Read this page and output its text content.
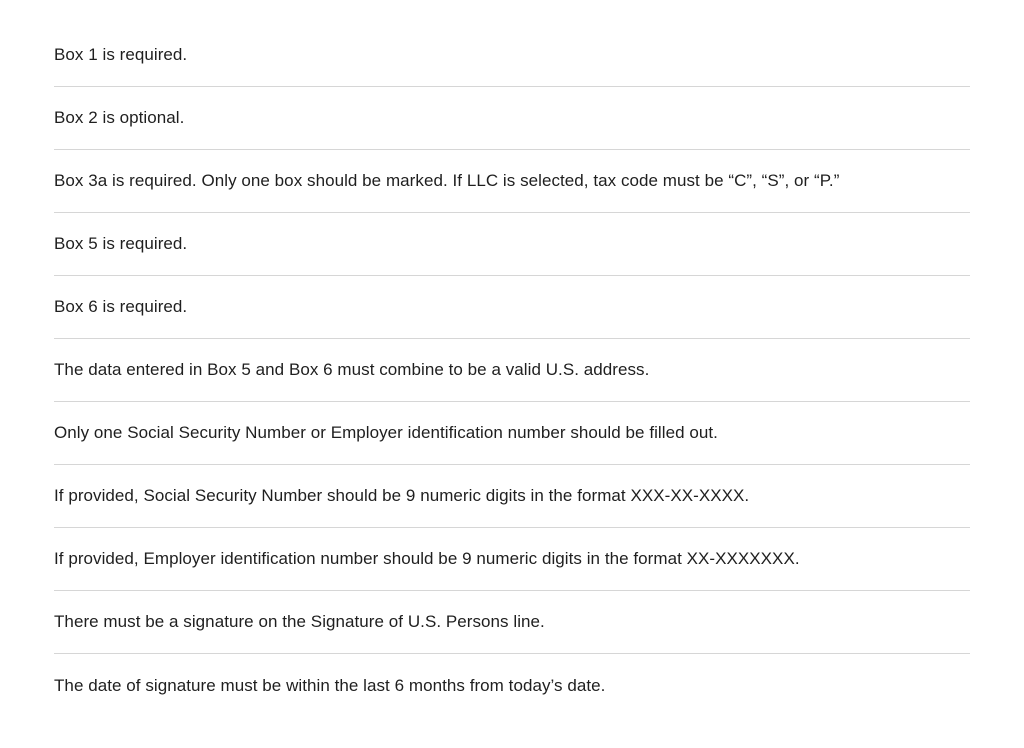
Box 1 is required.
Box 2 is optional.
Box 3a is required. Only one box should be marked. If LLC is selected, tax code must be “C”, “S”, or “P.”
Box 5 is required.
Box 6 is required.
The data entered in Box 5 and Box 6 must combine to be a valid U.S. address.
Only one Social Security Number or Employer identification number should be filled out.
If provided, Social Security Number should be 9 numeric digits in the format XXX-XX-XXXX.
If provided, Employer identification number should be 9 numeric digits in the format XX-XXXXXXX.
There must be a signature on the Signature of U.S. Persons line.
The date of signature must be within the last 6 months from today’s date.
